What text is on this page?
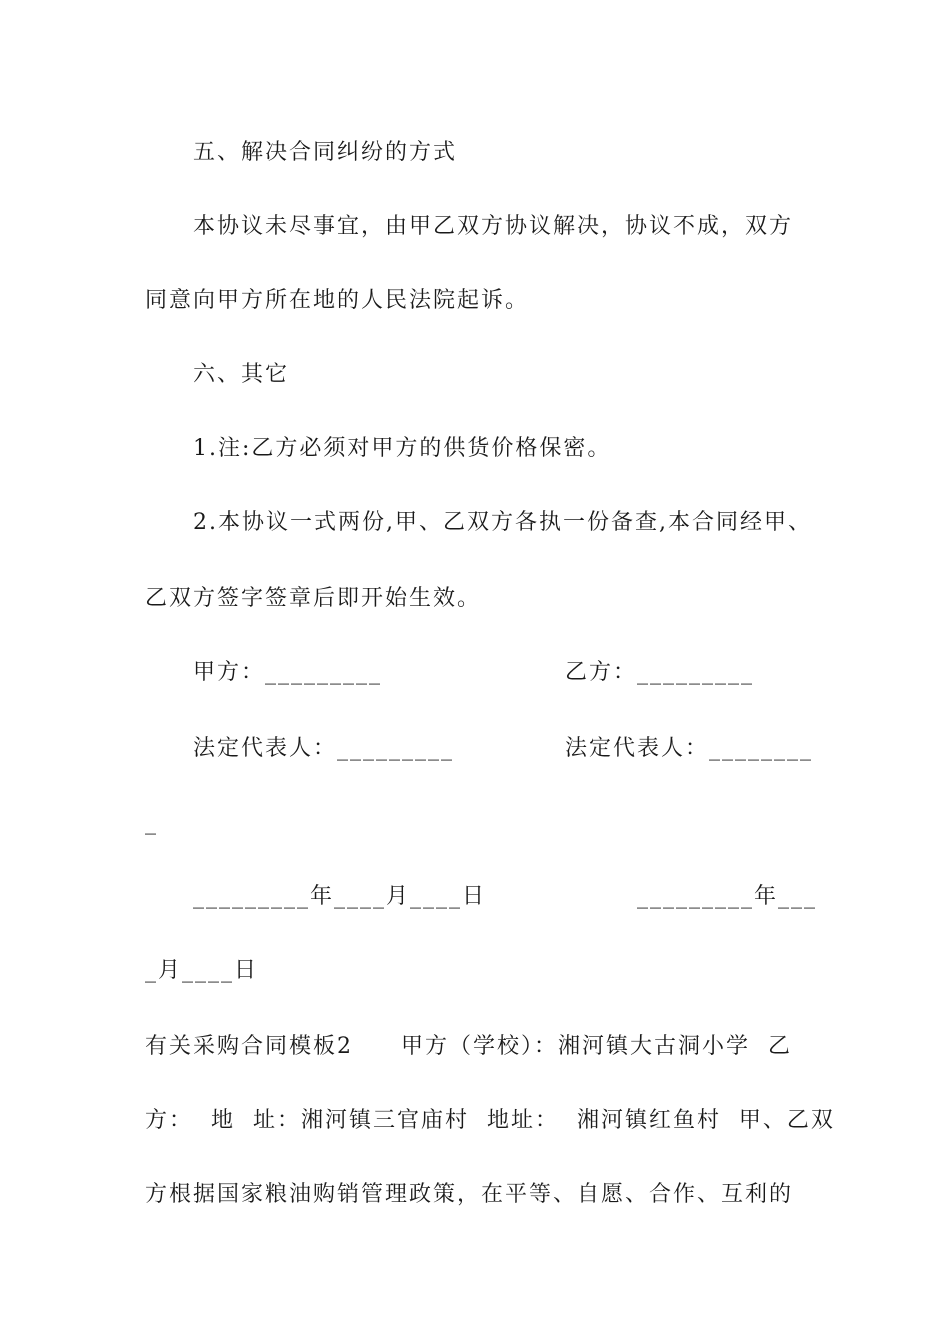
五、解决合同纠纷的方式
本协议未尽事宜，由甲乙双方协议解决，协议不成，双方
同意向甲方所在地的人民法院起诉。
六、其它
1.注:乙方必须对甲方的供货价格保密。
2.本协议一式两份,甲、乙双方各执一份备查,本合同经甲、
乙双方签字签章后即开始生效。
甲方：_________	乙方：_________
法定代表人：_________	法定代表人：________
_
_________年____月____日	_________年___
_月____日
有关采购合同模板2　　甲方（学校）：湘河镇大古洞小学  乙
方：  地  址：湘河镇三官庙村  地址：  湘河镇红鱼村  甲、乙双
方根据国家粮油购销管理政策，在平等、自愿、合作、互利的
